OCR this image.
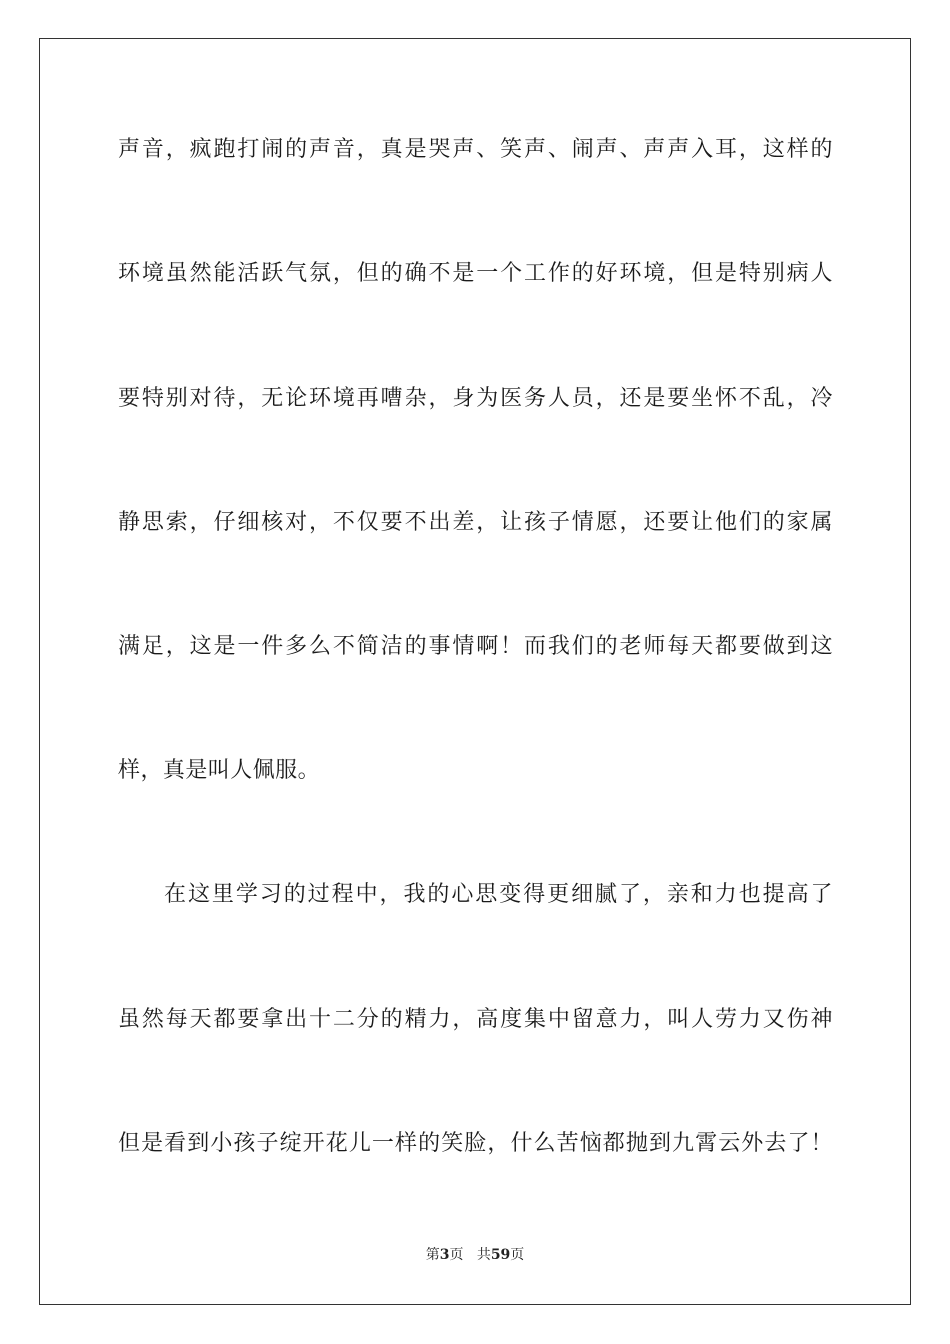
声音，疯跑打闹的声音，真是哭声、笑声、闹声、声声入耳，这样的
环境虽然能活跃气氛，但的确不是一个工作的好环境，但是特别病人
要特别对待，无论环境再嘈杂，身为医务人员，还是要坐怀不乱，冷
静思索，仔细核对，不仅要不出差，让孩子情愿，还要让他们的家属
满足，这是一件多么不简洁的事情啊！而我们的老师每天都要做到这
样，真是叫人佩服。
在这里学习的过程中，我的心思变得更细腻了，亲和力也提高了
虽然每天都要拿出十二分的精力，高度集中留意力，叫人劳力又伤神
但是看到小孩子绽开花儿一样的笑脸，什么苦恼都抛到九霄云外去了！
第3页 共59页
